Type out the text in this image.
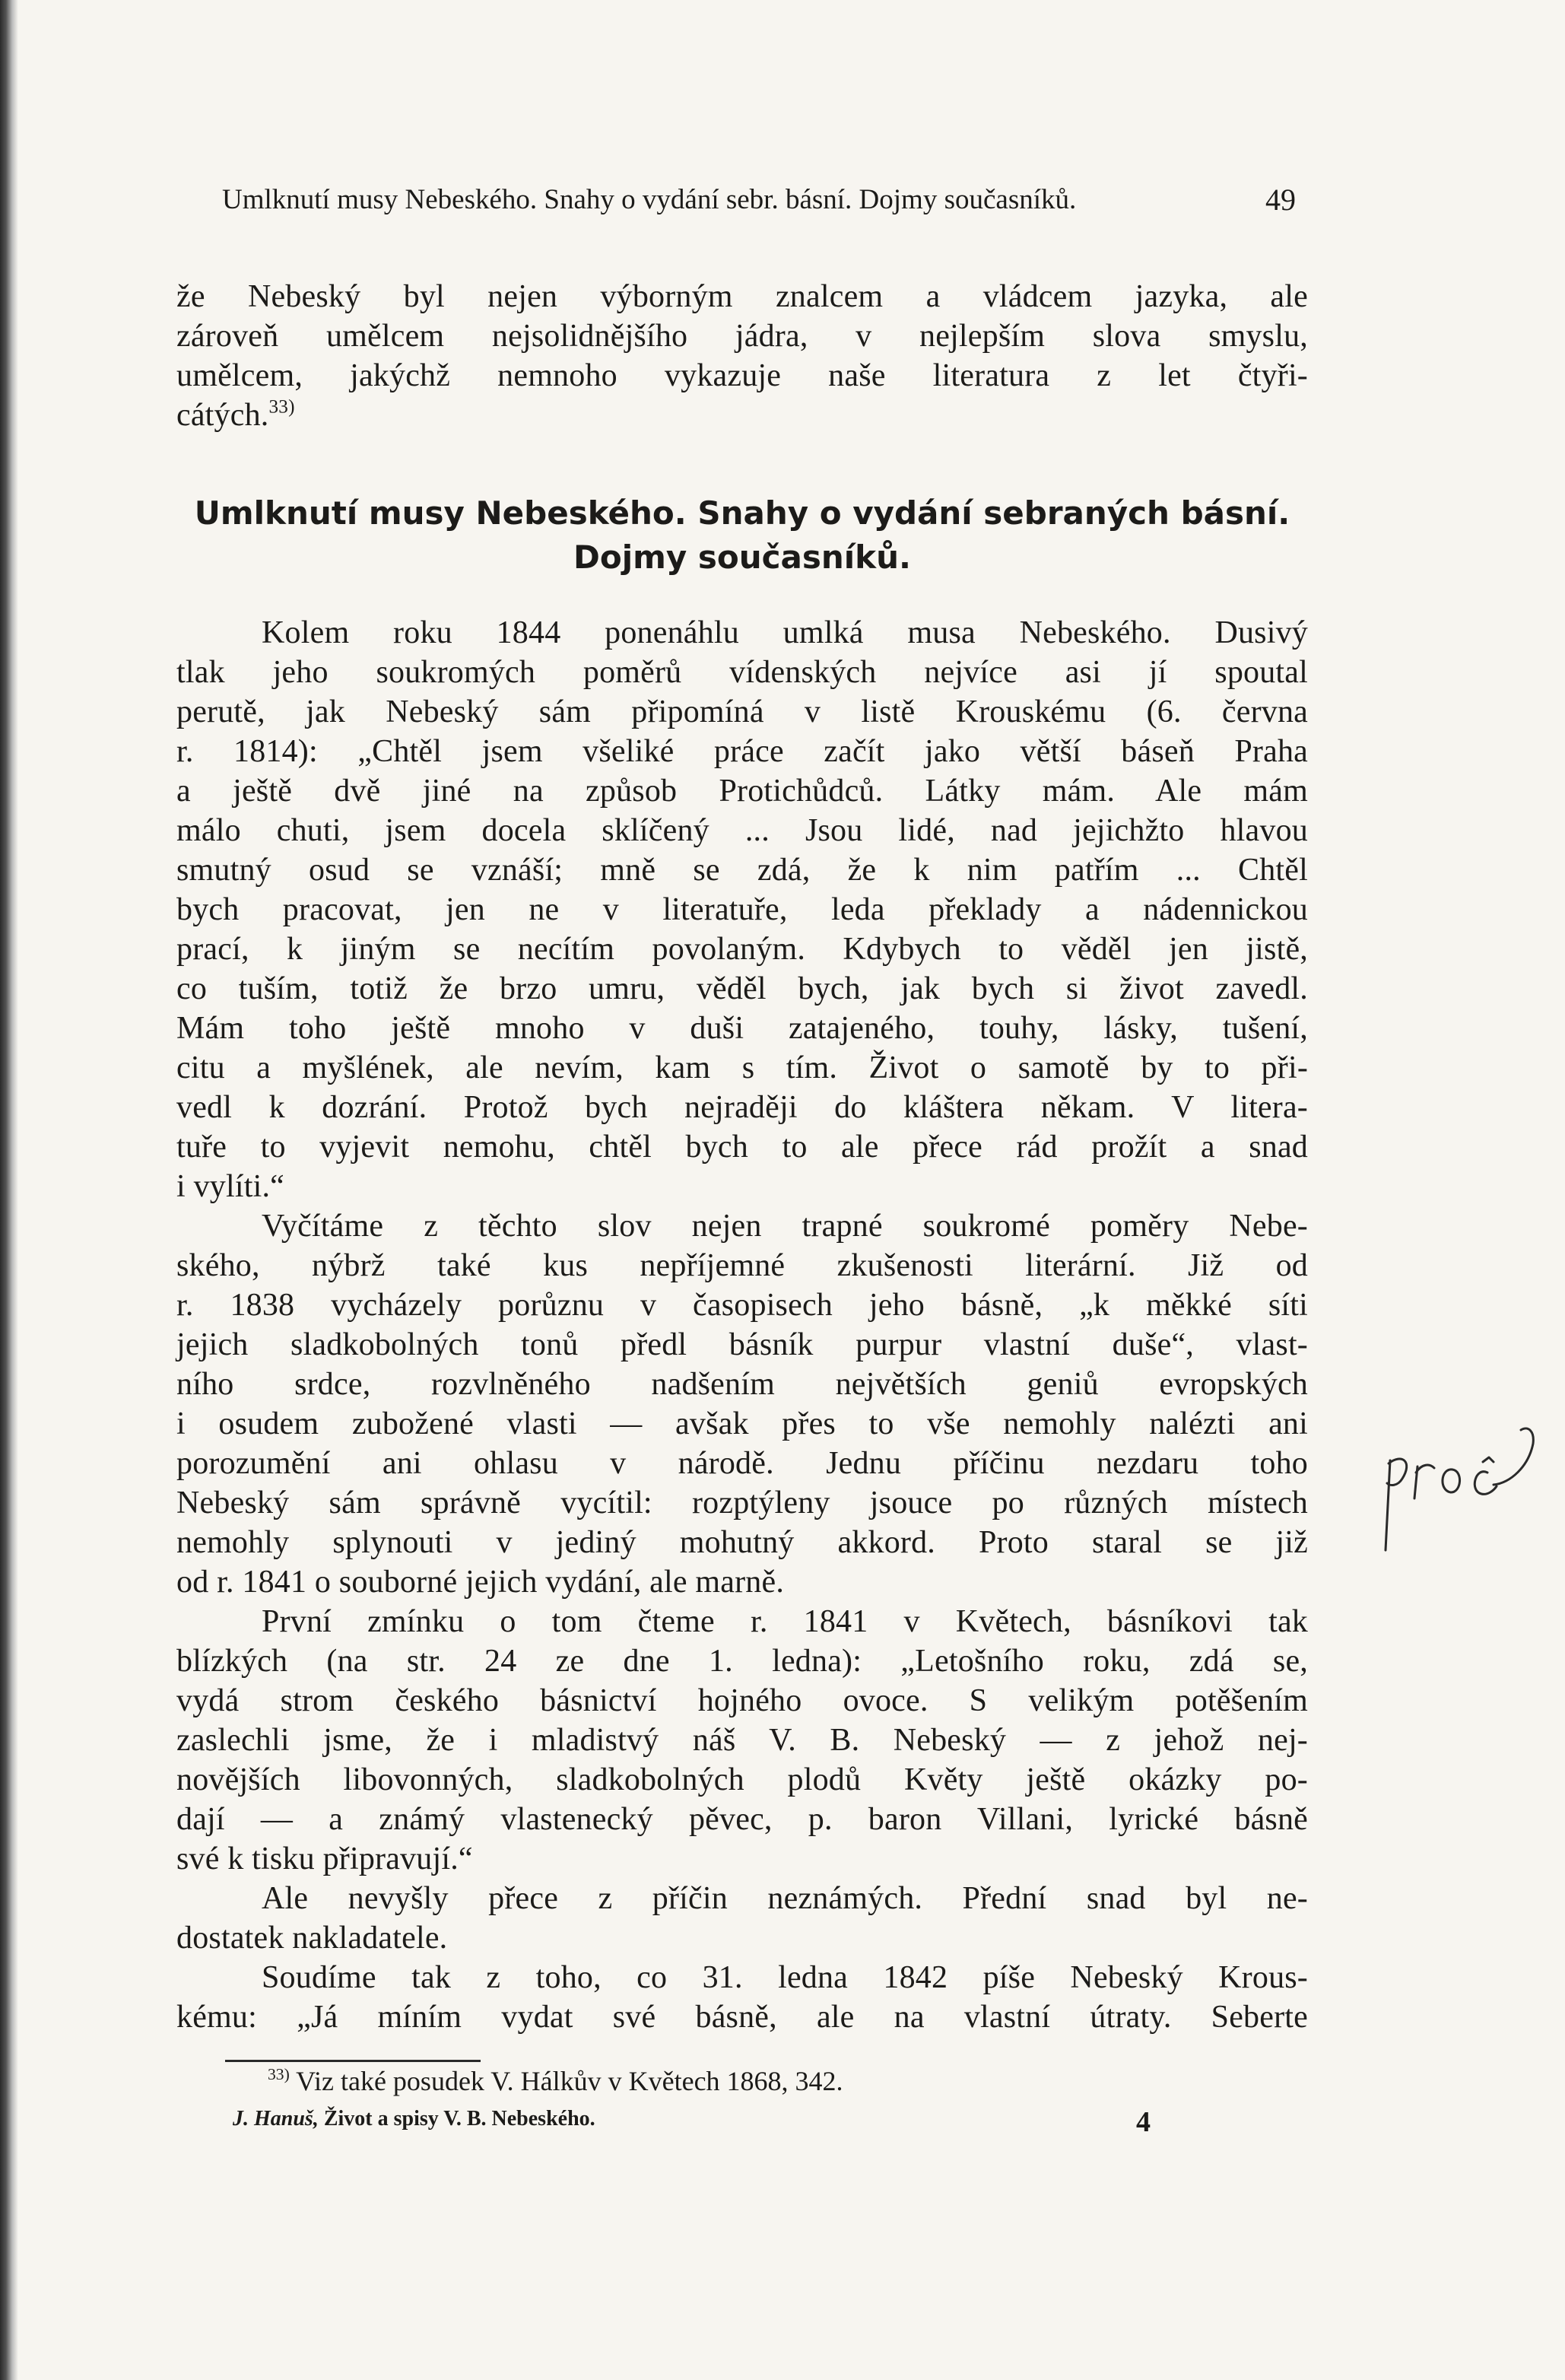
Umlknutí musy Nebeského. Snahy o vydání sebr. básní. Dojmy současníků.	49
že Nebeský byl nejen výborným znalcem a vládcem jazyka, ale
zároveň umělcem nejsolidnějšího jádra, v nejlepším slova smyslu,
umělcem, jakýchž nemnoho vykazuje naše literatura z let čtyři-
cátých.$^{33)}$
Umlknutí musy Nebeského. Snahy o vydání sebraných básní.
Dojmy současníků.
Kolem roku 1844 ponenáhlu umlká musa Nebeského. Dusivý
tlak jeho soukromých poměrů vídenských nejvíce asi jí spoutal
perutě, jak Nebeský sám připomíná v listě Krouskému (6. června
r. 1814): „Chtěl jsem všeliké práce začít jako větší báseň Praha
a ještě dvě jiné na způsob Protichůdců. Látky mám. Ale mám
málo chuti, jsem docela sklíčený ... Jsou lidé, nad jejichžto hlavou
smutný osud se vznáší; mně se zdá, že k nim patřím ... Chtěl
bych pracovat, jen ne v literatuře, leda překlady a nádennickou
prací, k jiným se necítím povolaným. Kdybych to věděl jen jistě,
co tuším, totiž že brzo umru, věděl bych, jak bych si život zavedl.
Mám toho ještě mnoho v duši zatajeného, touhy, lásky, tušení,
citu a myšlének, ale nevím, kam s tím. Život o samotě by to při-
vedl k dozrání. Protož bych nejraději do kláštera někam. V litera-
tuře to vyjevit nemohu, chtěl bych to ale přece rád prožít a snad
i vylíti.“
Vyčítáme z těchto slov nejen trapné soukromé poměry Nebe-
ského, nýbrž také kus nepříjemné zkušenosti literární. Již od
r. 1838 vycházely porůznu v časopisech jeho básně, „k měkké síti
jejich sladkobolných tonů předl básník purpur vlastní duše“, vlast-
ního srdce, rozvlněného nadšením největších geniů evropských
i osudem zubožené vlasti — avšak přes to vše nemohly nalézti ani
porozumění ani ohlasu v národě. Jednu příčinu nezdaru toho
Nebeský sám správně vycítil: rozptýleny jsouce po různých místech
nemohly splynouti v jediný mohutný akkord. Proto staral se již
od r. 1841 o souborné jejich vydání, ale marně.
První zmínku o tom čteme r. 1841 v Květech, básníkovi tak
blízkých (na str. 24 ze dne 1. ledna): „Letošního roku, zdá se,
vydá strom českého básnictví hojného ovoce. S velikým potěšením
zaslechli jsme, že i mladistvý náš V. B. Nebeský — z jehož nej-
novějších libovonných, sladkobolných plodů Květy ještě okázky po-
dají — a známý vlastenecký pěvec, p. baron Villani, lyrické básně
své k tisku připravují.“
Ale nevyšly přece z příčin neznámých. Přední snad byl ne-
dostatek nakladatele.
Soudíme tak z toho, co 31. ledna 1842 píše Nebeský Krous-
kému: „Já míním vydat své básně, ale na vlastní útraty. Seberte
$^{33)}$ Viz také posudek V. Hálkův v Květech 1868, 342.
J. Hanuš, Život a spisy V. B. Nebeského.	4
